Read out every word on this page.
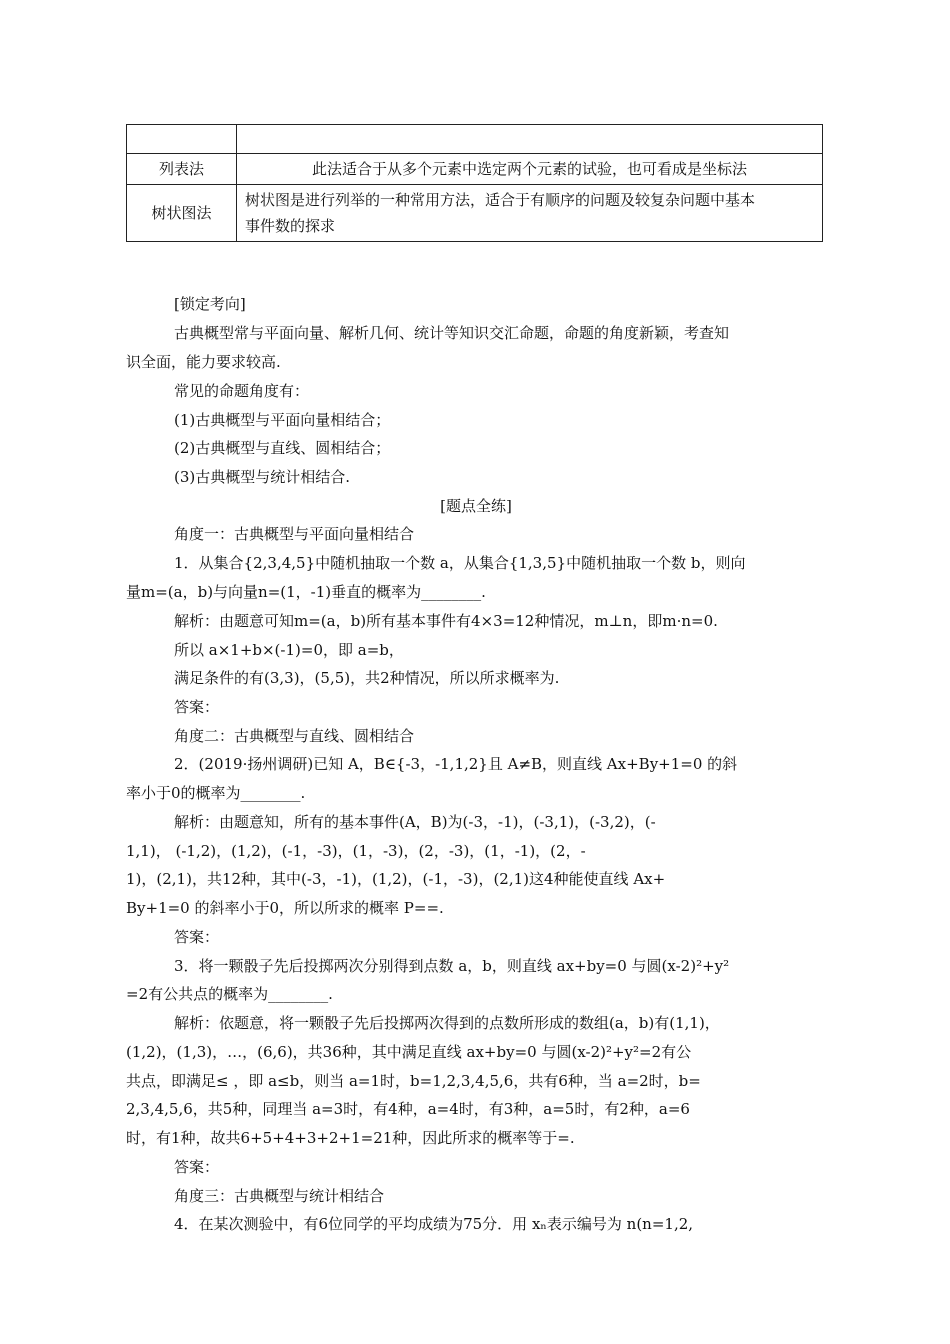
列表法	此法适合于从多个元素中选定两个元素的试验，也可看成是坐标法
树状图法	树状图是进行列举的一种常用方法，适合于有顺序的问题及较复杂问题中基本
事件数的探求
[锁定考向]
古典概型常与平面向量、解析几何、统计等知识交汇命题，命题的角度新颖，考查知
识全面，能力要求较高.
常见的命题角度有：
(1)古典概型与平面向量相结合；
(2)古典概型与直线、圆相结合；
(3)古典概型与统计相结合.
[题点全练]
角度一：古典概型与平面向量相结合
1．从集合{2,3,4,5}中随机抽取一个数 a，从集合{1,3,5}中随机抽取一个数 b，则向
量m=(a，b)与向量n=(1，-1)垂直的概率为________.
解析：由题意可知m=(a，b)所有基本事件有4×3=12种情况，m⊥n，即m·n=0.
所以 a×1+b×(-1)=0，即 a=b，
满足条件的有(3,3)，(5,5)，共2种情况，所以所求概率为.
答案：
角度二：古典概型与直线、圆相结合
2．(2019·扬州调研)已知 A，B∈{-3，-1,1,2}且 A≠B，则直线 Ax+By+1=0 的斜
率小于0的概率为________.
解析：由题意知，所有的基本事件(A，B)为(-3，-1)，(-3,1)，(-3,2)，(-
1,1)， (-1,2)，(1,2)，(-1，-3)，(1，-3)，(2，-3)，(1，-1)，(2，-
1)，(2,1)，共12种，其中(-3，-1)，(1,2)，(-1，-3)，(2,1)这4种能使直线 Ax+
By+1=0 的斜率小于0，所以所求的概率 P==.
答案：
3．将一颗骰子先后投掷两次分别得到点数 a，b，则直线 ax+by=0 与圆(x-2)²+y²
=2有公共点的概率为________.
解析：依题意，将一颗骰子先后投掷两次得到的点数所形成的数组(a，b)有(1,1)，
(1,2)，(1,3)，…，(6,6)，共36种，其中满足直线 ax+by=0 与圆(x-2)²+y²=2有公
共点，即满足≤ ，即 a≤b，则当 a=1时，b=1,2,3,4,5,6，共有6种，当 a=2时，b=
2,3,4,5,6，共5种，同理当 a=3时，有4种，a=4时，有3种，a=5时，有2种，a=6
时，有1种，故共6+5+4+3+2+1=21种，因此所求的概率等于=.
答案：
角度三：古典概型与统计相结合
4．在某次测验中，有6位同学的平均成绩为75分．用 xₙ表示编号为 n(n=1,2,
